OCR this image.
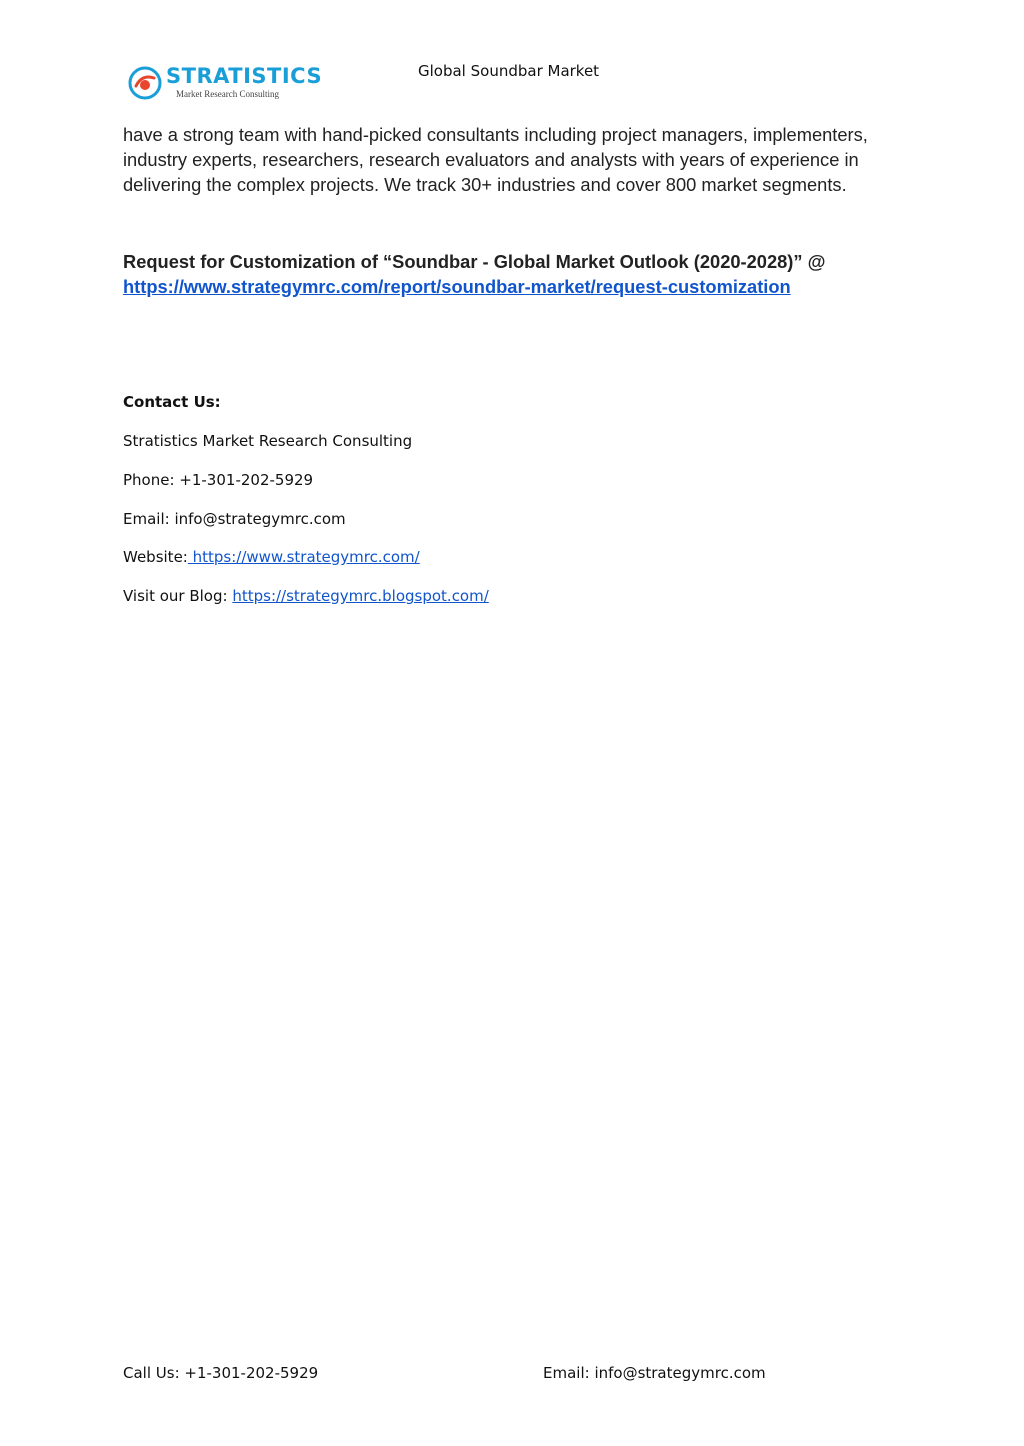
STRATISTICS
Market Research Consulting
Global Soundbar Market

have a strong team with hand-picked consultants including project managers, implementers, industry experts, researchers, research evaluators and analysts with years of experience in delivering the complex projects. We track 30+ industries and cover 800 market segments.

Request for Customization of “Soundbar - Global Market Outlook (2020-2028)” @
https://www.strategymrc.com/report/soundbar-market/request-customization

Contact Us:

Stratistics Market Research Consulting

Phone: +1-301-202-5929

Email: info@strategymrc.com

Website: https://www.strategymrc.com/

Visit our Blog: https://strategymrc.blogspot.com/

Call Us: +1-301-202-5929	Email: info@strategymrc.com
